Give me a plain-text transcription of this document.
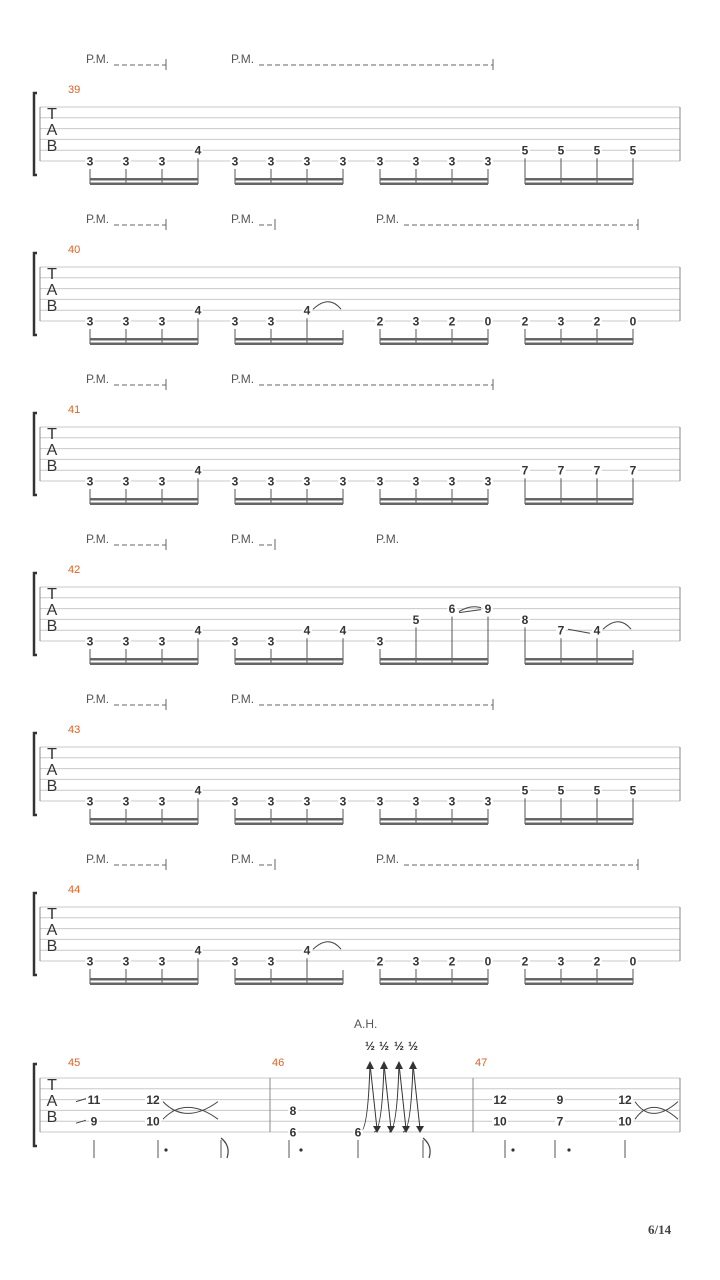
T
A
B
39
P.M.	P.M.
3 3 3
4
3 3 3 3	3 3 3 3
5 5 5 5
T
A
B
40
P.M.	P.M.	P.M.
3 3 3
4
3 3
4
2 3 2 0	2 3 2 0
T
A
B
41
P.M.	P.M.
3 3 3
4
3 3 3 3	3 3 3 3
7 7 7 7
T
A
B
42
P.M.	P.M.	P.M.
3 3 3
4
3 3
4 4
3
5
6 9
8
7 4
T
A
B
43
P.M.	P.M.
3 3 3
4
3 3 3 3	3 3 3 3
5 5 5 5
T
A
B
44
P.M.	P.M.	P.M.
3 3 3
4
3 3
4
2 3 2 0	2 3 2 0
T
A
B
45	46	47
A.H.
½ ½ ½ ½
11
9
12
10
8
6	6
12
10
9
7
12
10
6/14
